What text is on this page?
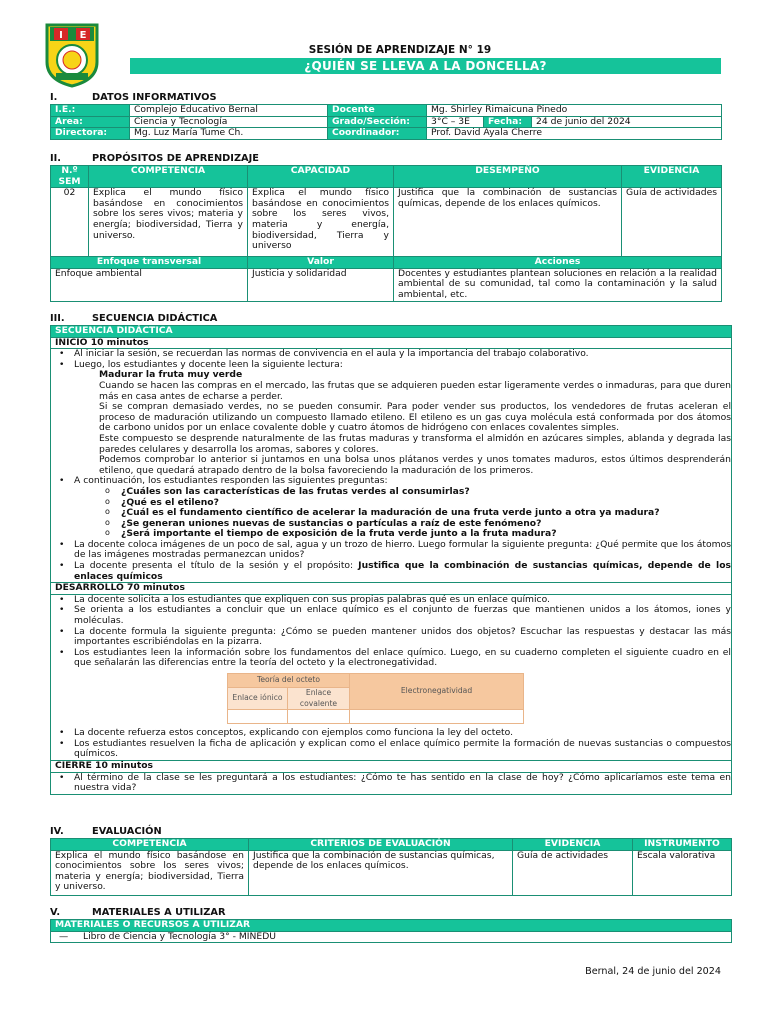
I E
SESIÓN DE APRENDIZAJE N° 19
¿QUIÉN SE LLEVA A LA DONCELLA?
I.	DATOS INFORMATIVOS
I.E.:	Complejo Educativo Bernal	Docente	Mg. Shirley Rimaicuna Pinedo		
Area:	Ciencia y Tecnología	Grado/Sección:	3°C – 3E	Fecha:	24 de junio del 2024
Directora:	Mg. Luz María Tume Ch.	Coordinador:	Prof. David Ayala Cherre		
II.	PROPÓSITOS DE APRENDIZAJE
N.º SEM	COMPETENCIA	CAPACIDAD	DESEMPEÑO	EVIDENCIA
02	Explica el mundo físico basándose en conocimientos sobre los seres vivos; materia y energía; biodiversidad, Tierra y universo.	Explica el mundo físico basándose en conocimientos sobre los seres vivos, materia y energía, biodiversidad, Tierra y universo	Justifica que la combinación de sustancias químicas, depende de los enlaces químicos.	Guía de actividades
Enfoque transversal		Valor	Acciones	
Enfoque ambiental		Justicia y solidaridad	Docentes y estudiantes plantean soluciones en relación a la realidad ambiental de su comunidad, tal como la contaminación y la salud ambiental, etc.	
III.	SECUENCIA DIDÁCTICA
SECUENCIA DIDÁCTICA
INICIO 10 minutos

• Al iniciar la sesión, se recuerdan las normas de convivencia en el aula y la importancia del trabajo colaborativo.
• Luego, los estudiantes y docente leen la siguiente lectura:

Madurar la fruta muy verde

Cuando se hacen las compras en el mercado, las frutas que se adquieren pueden estar ligeramente verdes o inmaduras, para que duren más en casa antes de echarse a perder.

Si se compran demasiado verdes, no se pueden consumir. Para poder vender sus productos, los vendedores de frutas aceleran el proceso de maduración utilizando un compuesto llamado etileno. El etileno es un gas cuya molécula está conformada por dos átomos de carbono unidos por un enlace covalente doble y cuatro átomos de hidrógeno con enlaces covalentes simples.

Este compuesto se desprende naturalmente de las frutas maduras y transforma el almidón en azúcares simples, ablanda y degrada las paredes celulares y desarrolla los aromas, sabores y colores.

Podemos comprobar lo anterior si juntamos en una bolsa unos plátanos verdes y unos tomates maduros, estos últimos desprenderán etileno, que quedará atrapado dentro de la bolsa favoreciendo la maduración de los primeros.

• A continuación, los estudiantes responden las siguientes preguntas:
o ¿Cuáles son las características de las frutas verdes al consumirlas?
o ¿Qué es el etileno?
o ¿Cuál es el fundamento científico de acelerar la maduración de una fruta verde junto a otra ya madura?
o ¿Se generan uniones nuevas de sustancias o partículas a raíz de este fenómeno?
o ¿Será importante el tiempo de exposición de la fruta verde junto a la fruta madura?
• La docente coloca imágenes de un poco de sal, agua y un trozo de hierro. Luego formular la siguiente pregunta: ¿Qué permite que los átomos de las imágenes mostradas permanezcan unidos?
• La docente presenta el título de la sesión y el propósito: Justifica que la combinación de sustancias químicas, depende de los enlaces químicos

DESARROLLO 70 minutos

• La docente solicita a los estudiantes que expliquen con sus propias palabras qué es un enlace químico.
• Se orienta a los estudiantes a concluir que un enlace químico es el conjunto de fuerzas que mantienen unidos a los átomos, iones y moléculas.
• La docente formula la siguiente pregunta: ¿Cómo se pueden mantener unidos dos objetos? Escuchar las respuestas y destacar las más importantes escribiéndolas en la pizarra.
• Los estudiantes leen la información sobre los fundamentos del enlace químico. Luego, en su cuaderno completen el siguiente cuadro en el que señalarán las diferencias entre la teoría del octeto y la electronegatividad.
Teoría del octeto	Electronegatividad
Enlace iónico	Enlace covalente

• La docente refuerza estos conceptos, explicando con ejemplos como funciona la ley del octeto.
• Los estudiantes resuelven la ficha de aplicación y explican como el enlace químico permite la formación de nuevas sustancias o compuestos químicos.

CIERRE 10 minutos

• Al término de la clase se les preguntará a los estudiantes: ¿Cómo te has sentido en la clase de hoy? ¿Cómo aplicaríamos este tema en nuestra vida?
IV.	EVALUACIÓN
COMPETENCIA	CRITERIOS DE EVALUACIÓN	EVIDENCIA	INSTRUMENTO
Explica el mundo físico basándose en conocimientos sobre los seres vivos; materia y energía; biodiversidad, Tierra y universo.	Justifica que la combinación de sustancias químicas, depende de los enlaces químicos.	Guía de actividades	Escala valorativa
V.	MATERIALES A UTILIZAR
MATERIALES O RECURSOS A UTILIZAR
— Libro de Ciencia y Tecnología 3° - MINEDU
Bernal, 24 de junio del 2024
